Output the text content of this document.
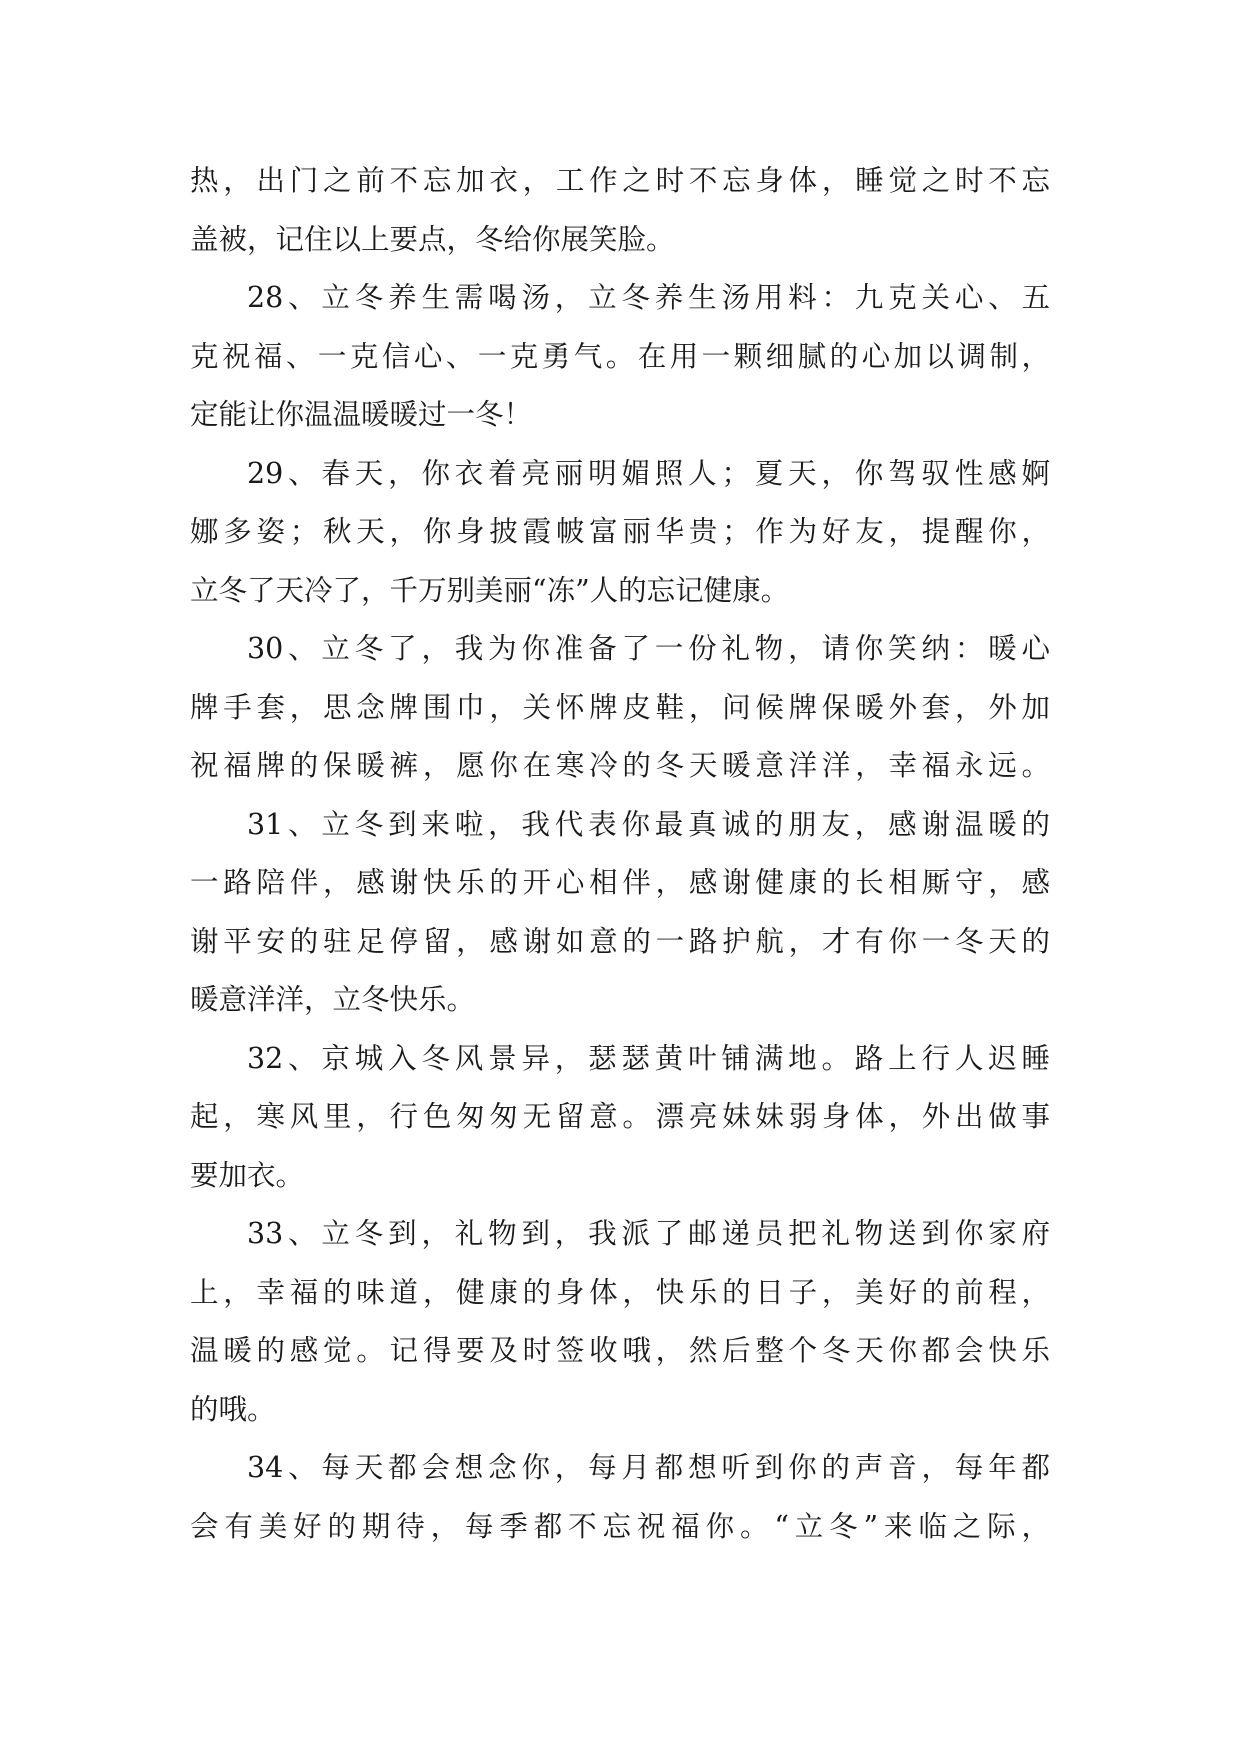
热，出门之前不忘加衣，工作之时不忘身体，睡觉之时不忘
盖被，记住以上要点，冬给你展笑脸。
28、立冬养生需喝汤，立冬养生汤用料：九克关心、五
克祝福、一克信心、一克勇气。在用一颗细腻的心加以调制，
定能让你温温暖暖过一冬！
29、春天，你衣着亮丽明媚照人；夏天，你驾驭性感婀
娜多姿；秋天，你身披霞帔富丽华贵；作为好友，提醒你，
立冬了天冷了，千万别美丽“冻”人的忘记健康。
30、立冬了，我为你准备了一份礼物，请你笑纳：暖心
牌手套，思念牌围巾，关怀牌皮鞋，问候牌保暖外套，外加
祝福牌的保暖裤，愿你在寒冷的冬天暖意洋洋，幸福永远。
31、立冬到来啦，我代表你最真诚的朋友，感谢温暖的
一路陪伴，感谢快乐的开心相伴，感谢健康的长相厮守，感
谢平安的驻足停留，感谢如意的一路护航，才有你一冬天的
暖意洋洋，立冬快乐。
32、京城入冬风景异，瑟瑟黄叶铺满地。路上行人迟睡
起，寒风里，行色匆匆无留意。漂亮妹妹弱身体，外出做事
要加衣。
33、立冬到，礼物到，我派了邮递员把礼物送到你家府
上，幸福的味道，健康的身体，快乐的日子，美好的前程，
温暖的感觉。记得要及时签收哦，然后整个冬天你都会快乐
的哦。
34、每天都会想念你，每月都想听到你的声音，每年都
会有美好的期待，每季都不忘祝福你。“立冬”来临之际，
